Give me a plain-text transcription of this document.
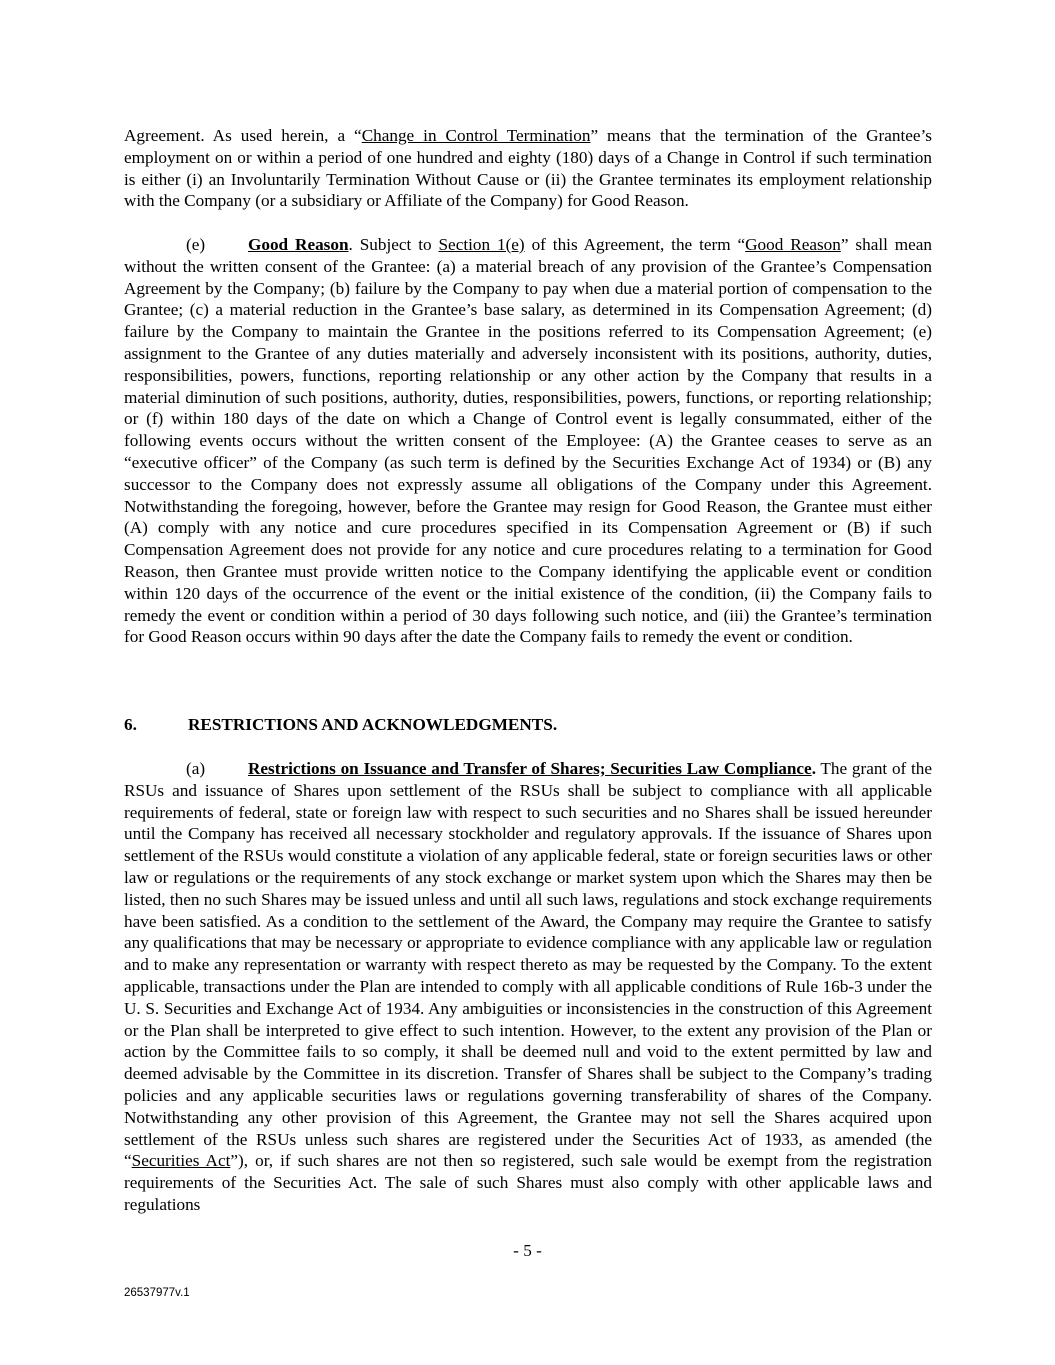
Agreement. As used herein, a “Change in Control Termination” means that the termination of the Grantee’s employment on or within a period of one hundred and eighty (180) days of a Change in Control if such termination is either (i) an Involuntarily Termination Without Cause or (ii) the Grantee terminates its employment relationship with the Company (or a subsidiary or Affiliate of the Company) for Good Reason.

(e) Good Reason. Subject to Section 1(e) of this Agreement, the term “Good Reason” shall mean without the written consent of the Grantee: (a) a material breach of any provision of the Grantee’s Compensation Agreement by the Company; (b) failure by the Company to pay when due a material portion of compensation to the Grantee; (c) a material reduction in the Grantee’s base salary, as determined in its Compensation Agreement; (d) failure by the Company to maintain the Grantee in the positions referred to its Compensation Agreement; (e) assignment to the Grantee of any duties materially and adversely inconsistent with its positions, authority, duties, responsibilities, powers, functions, reporting relationship or any other action by the Company that results in a material diminution of such positions, authority, duties, responsibilities, powers, functions, or reporting relationship; or (f) within 180 days of the date on which a Change of Control event is legally consummated, either of the following events occurs without the written consent of the Employee: (A) the Grantee ceases to serve as an “executive officer” of the Company (as such term is defined by the Securities Exchange Act of 1934) or (B) any successor to the Company does not expressly assume all obligations of the Company under this Agreement. Notwithstanding the foregoing, however, before the Grantee may resign for Good Reason, the Grantee must either (A) comply with any notice and cure procedures specified in its Compensation Agreement or (B) if such Compensation Agreement does not provide for any notice and cure procedures relating to a termination for Good Reason, then Grantee must provide written notice to the Company identifying the applicable event or condition within 120 days of the occurrence of the event or the initial existence of the condition, (ii) the Company fails to remedy the event or condition within a period of 30 days following such notice, and (iii) the Grantee’s termination for Good Reason occurs within 90 days after the date the Company fails to remedy the event or condition.

6.	RESTRICTIONS AND ACKNOWLEDGMENTS.

(a) Restrictions on Issuance and Transfer of Shares; Securities Law Compliance. The grant of the RSUs and issuance of Shares upon settlement of the RSUs shall be subject to compliance with all applicable requirements of federal, state or foreign law with respect to such securities and no Shares shall be issued hereunder until the Company has received all necessary stockholder and regulatory approvals. If the issuance of Shares upon settlement of the RSUs would constitute a violation of any applicable federal, state or foreign securities laws or other law or regulations or the requirements of any stock exchange or market system upon which the Shares may then be listed, then no such Shares may be issued unless and until all such laws, regulations and stock exchange requirements have been satisfied. As a condition to the settlement of the Award, the Company may require the Grantee to satisfy any qualifications that may be necessary or appropriate to evidence compliance with any applicable law or regulation and to make any representation or warranty with respect thereto as may be requested by the Company. To the extent applicable, transactions under the Plan are intended to comply with all applicable conditions of Rule 16b-3 under the U. S. Securities and Exchange Act of 1934. Any ambiguities or inconsistencies in the construction of this Agreement or the Plan shall be interpreted to give effect to such intention. However, to the extent any provision of the Plan or action by the Committee fails to so comply, it shall be deemed null and void to the extent permitted by law and deemed advisable by the Committee in its discretion. Transfer of Shares shall be subject to the Company’s trading policies and any applicable securities laws or regulations governing transferability of shares of the Company. Notwithstanding any other provision of this Agreement, the Grantee may not sell the Shares acquired upon settlement of the RSUs unless such shares are registered under the Securities Act of 1933, as amended (the “Securities Act”), or, if such shares are not then so registered, such sale would be exempt from the registration requirements of the Securities Act. The sale of such Shares must also comply with other applicable laws and regulations

- 5 -

26537977v.1
